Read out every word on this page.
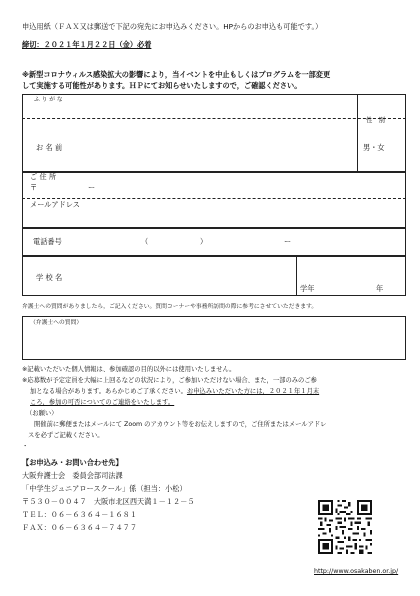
申込用紙（ＦＡＸ又は郵送で下記の宛先にお申込みください。HPからのお申込も可能です。）
締切：２０２１年１月２２日（金）必着
※新型コロナウィルス感染拡大の影響により，当イベントを中止もしくはプログラムを一部変更
して実施する可能性があります。ＨＰにてお知らせいたしますので，ご確認ください。
ふ り が な
性　別
お 名 前	男・女
ご 住 所
〒	ー
メールアドレス
電話番号	（	）	ー
学 校 名
学年	年
弁護士への質問がありましたら，ご記入ください。質問コーナーや事務所訪問の際に参考にさせていただきます。
（弁護士への質問）
※記載いただいた個人情報は、参加確認の目的以外には使用いたしません。
※応募数が予定定員を大幅に上回るなどの状況により，ご参加いただけない場合、また，一部のみのご参
加となる場合があります。あらかじめご了承ください。お申込みいただいた方には，２０２１年１月末
ころ，参加の可否についてのご連絡をいたします。
（お願い）
開催前に郵便またはメールにて Zoom のアカウント等をお伝えしますので，ご住所またはメールアドレ
スを必ずご記載ください。
・
【お申込み・お問い合わせ先】
大阪弁護士会　委員会部司法課
「中学生ジュニアロースクール」係（担当：小松）
〒５３０－００４７　大阪市北区西天満１－１２－５
ＴＥＬ：０６－６３６４－１６８１
ＦＡＸ：０６－６３６４－７４７７
http://www.osakaben.or.jp/
